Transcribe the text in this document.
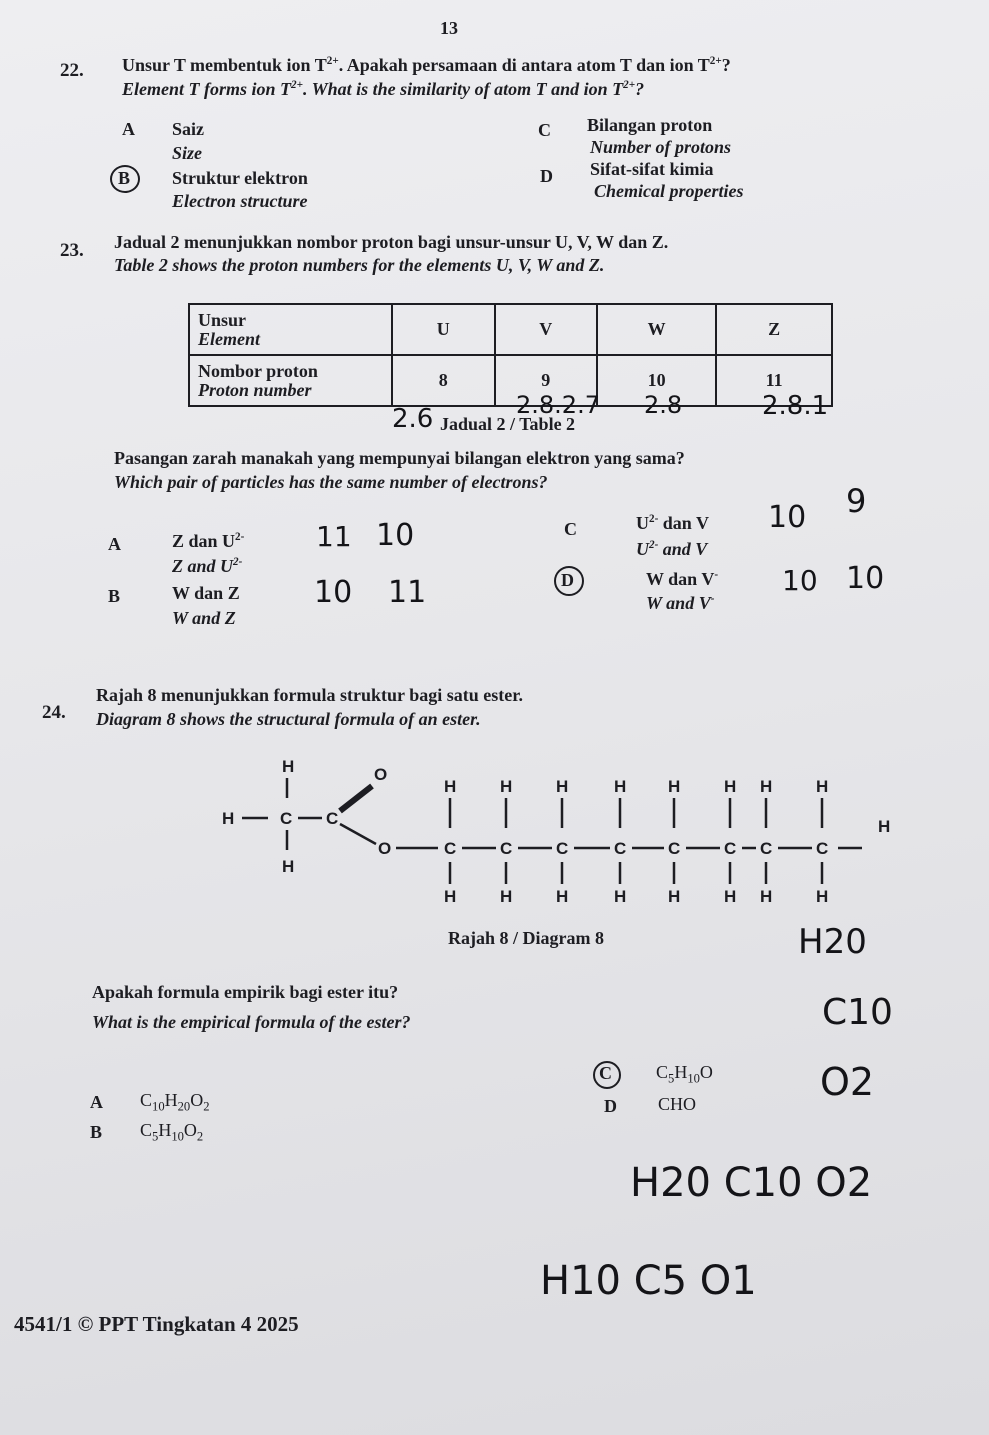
13
22. Unsur T membentuk ion $T^{2+}$. Apakah persamaan di antara atom T dan ion $T^{2+}$?
Element T forms ion $T^{2+}$. What is the similarity of atom T and ion $T^{2+}$?
A Saiz
Size
B Struktur elektron
Electron structure
C Bilangan proton
Number of protons
D Sifat-sifat kimia
Chemical properties
23. Jadual 2 menunjukkan nombor proton bagi unsur-unsur U, V, W dan Z.
Table 2 shows the proton numbers for the elements U, V, W and Z.
Unsur
Element	U	V	W	Z

Nombor proton
Proton number	8	9	10	11
2.6 Jadual 2 / Table 2
2.8.2.7 2.8	2.8.1
Pasangan zarah manakah yang mempunyai bilangan elektron yang sama?
Which pair of particles has the same number of electrons?
A	Z dan $U^{2-}$
Z and $U^{2-}$
11 10
B	W dan Z
W and Z
10 11
C	$U^{2-}$ dan V
$U^{2-}$ and V
10 9
D	W dan V-
W and V-
10 10
24.
Rajah 8 menunjukkan formula struktur bagi satu ester.
Diagram 8 shows the structural formula of an ester.
H
H	C
H
C
O
O
H
C
H
H
C
H
H
C
H
H
C
H
H
C
H
H
C
H
H
C
H
H
C
H
H
Rajah 8 / Diagram 8	H20
Apakah formula empirik bagi ester itu?
What is the empirical formula of the ester?	C10
A $C_{10}H_{20}O_2$
B $C_5H_{10}O_2$
C $C_5H_{10}O$
D CHO	O2
H20 C10 O2
H10 C5 O1
4541/1 © PPT Tingkatan 4 2025
